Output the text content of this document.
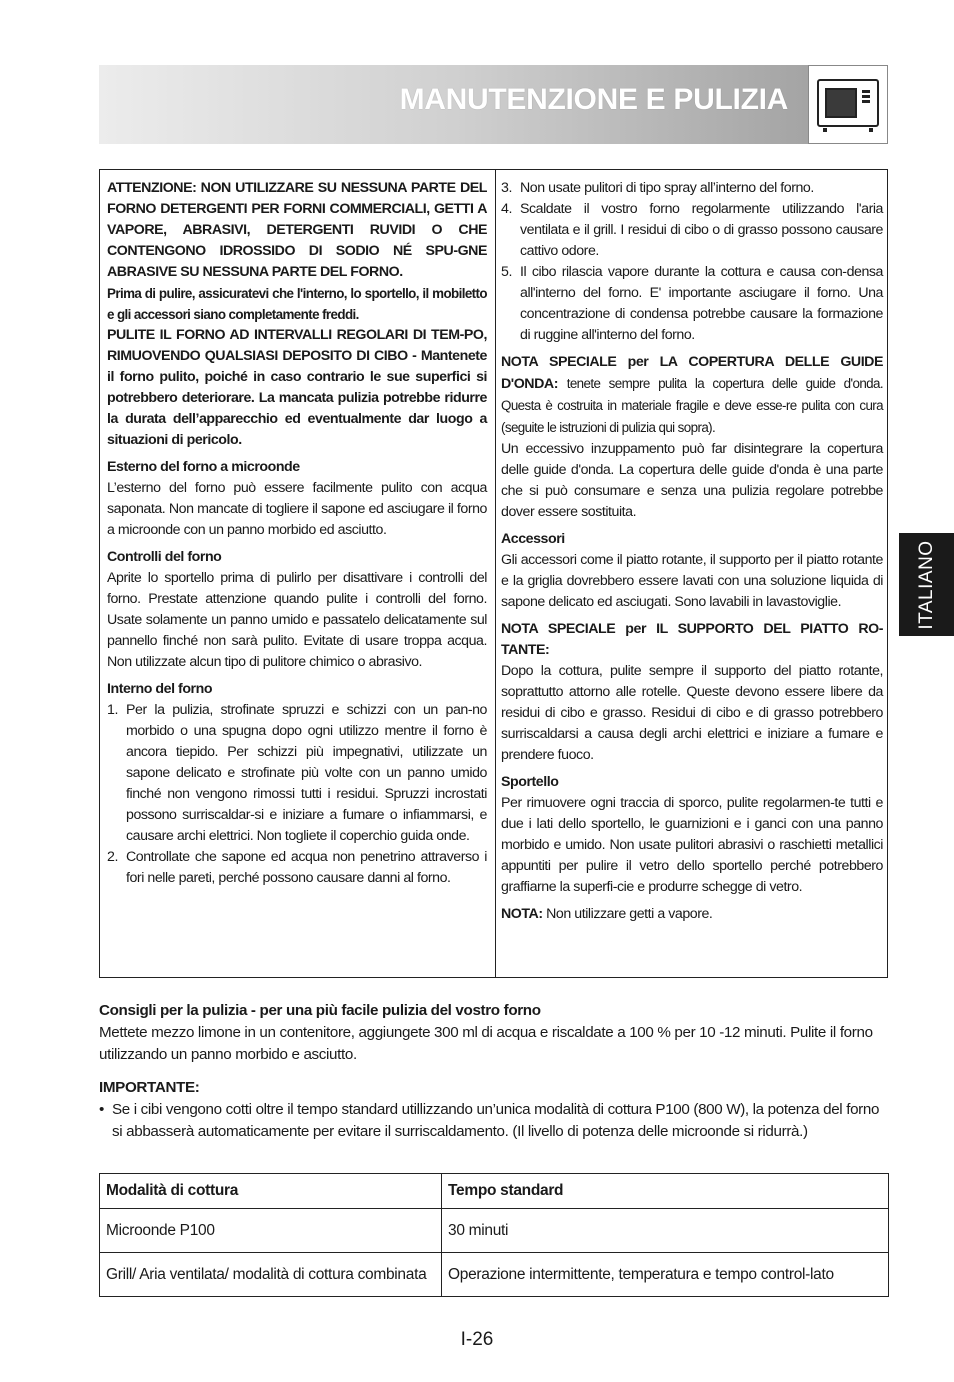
MANUTENZIONE E PULIZIA
ITALIANO

ATTENZIONE: NON UTILIZZARE SU NESSUNA PARTE DEL FORNO DETERGENTI PER FORNI COMMERCIALI, GETTI A VAPORE, ABRASIVI, DETERGENTI RUVIDI O CHE CONTENGONO IDROSSIDO DI SODIO NÉ SPU-GNE ABRASIVE SU NESSUNA PARTE DEL FORNO.

Prima di pulire, assicuratevi che l'interno, lo sportello, il mobiletto e gli accessori siano completamente freddi.

PULITE IL FORNO AD INTERVALLI REGOLARI DI TEM-PO, RIMUOVENDO QUALSIASI DEPOSITO DI CIBO - Mantenete il forno pulito, poiché in caso contrario le sue superfici si potrebbero deteriorare. La mancata pulizia potrebbe ridurre la durata dell’apparecchio ed eventualmente dar luogo a situazioni di pericolo.

Esterno del forno a microonde

L’esterno del forno può essere facilmente pulito con acqua saponata. Non mancate di togliere il sapone ed asciugare il forno a microonde con un panno morbido ed asciutto.

Controlli del forno

Aprite lo sportello prima di pulirlo per disattivare i controlli del forno. Prestate attenzione quando pulite i controlli del forno. Usate solamente un panno umido e passatelo delicatamente sul pannello finché non sarà pulito. Evitate di usare troppa acqua. Non utilizzate alcun tipo di pulitore chimico o abrasivo.

Interno del forno

1. Per la pulizia, strofinate spruzzi e schizzi con un pan-no morbido o una spugna dopo ogni utilizzo mentre il forno è ancora tiepido. Per schizzi più impegnativi, utilizzate un sapone delicato e strofinate più volte con un panno umido finché non vengono rimossi tutti i residui. Spruzzi incrostati possono surriscaldar-si e iniziare a fumare o infiammarsi, e causare archi elettrici. Non togliete il coperchio guida onde.
2. Controllate che sapone ed acqua non penetrino attraverso i fori nelle pareti, perché possono causare danni al forno.
3. Non usate pulitori di tipo spray all’interno del forno.
4. Scaldate il vostro forno regolarmente utilizzando l'aria ventilata e il grill. I residui di cibo o di grasso possono causare cattivo odore.
5. Il cibo rilascia vapore durante la cottura e causa con-densa all'interno del forno. E' importante asciugare il forno. Una concentrazione di condensa potrebbe causare la formazione di ruggine all'interno del forno.

NOTA SPECIALE per LA COPERTURA DELLE GUIDE D'ONDA: tenete sempre pulita la copertura delle guide d'onda. Questa è costruita in materiale fragile e deve esse-re pulita con cura (seguite le istruzioni di pulizia qui sopra).

Un eccessivo inzuppamento può far disintegrare la copertura delle guide d'onda. La copertura delle guide d'onda è una parte che si può consumare e senza una pulizia regolare potrebbe dover essere sostituita.

Accessori

Gli accessori come il piatto rotante, il supporto per il piatto rotante e la griglia dovrebbero essere lavati con una soluzione liquida di sapone delicato ed asciugati. Sono lavabili in lavastoviglie.

NOTA SPECIALE per IL SUPPORTO DEL PIATTO RO-TANTE:

Dopo la cottura, pulite sempre il supporto del piatto rotante, soprattutto attorno alle rotelle. Queste devono essere libere da residui di cibo e grasso. Residui di cibo e di grasso potrebbero surriscaldarsi a causa degli archi elettrici e iniziare a fumare e prendere fuoco.

Sportello

Per rimuovere ogni traccia di sporco, pulite regolarmen-te tutti e due i lati dello sportello, le guarnizioni e i ganci con una panno morbido e umido. Non usate pulitori abrasivi o raschietti metallici appuntiti per pulire il vetro dello sportello perché potrebbero graffiarne la superfi-cie e produrre schegge di vetro.

NOTA: Non utilizzare getti a vapore.

Consigli per la pulizia - per una più facile pulizia del vostro forno

Mettete mezzo limone in un contenitore, aggiungete 300 ml di acqua e riscaldate a 100 % per 10 -12 minuti. Pulite il forno utilizzando un panno morbido e asciutto.

IMPORTANTE:

• Se i cibi vengono cotti oltre il tempo standard utillizzando un’unica modalità di cottura P100 (800 W), la potenza del forno si abbasserà automaticamente per evitare il surriscaldamento. (Il livello di potenza delle microonde si ridurrà.)
Modalità di cottura	Tempo standard
Microonde P100	30 minuti
Grill/ Aria ventilata/ modalità di cottura combinata	Operazione intermittente, temperatura e tempo control-lato
I-26
